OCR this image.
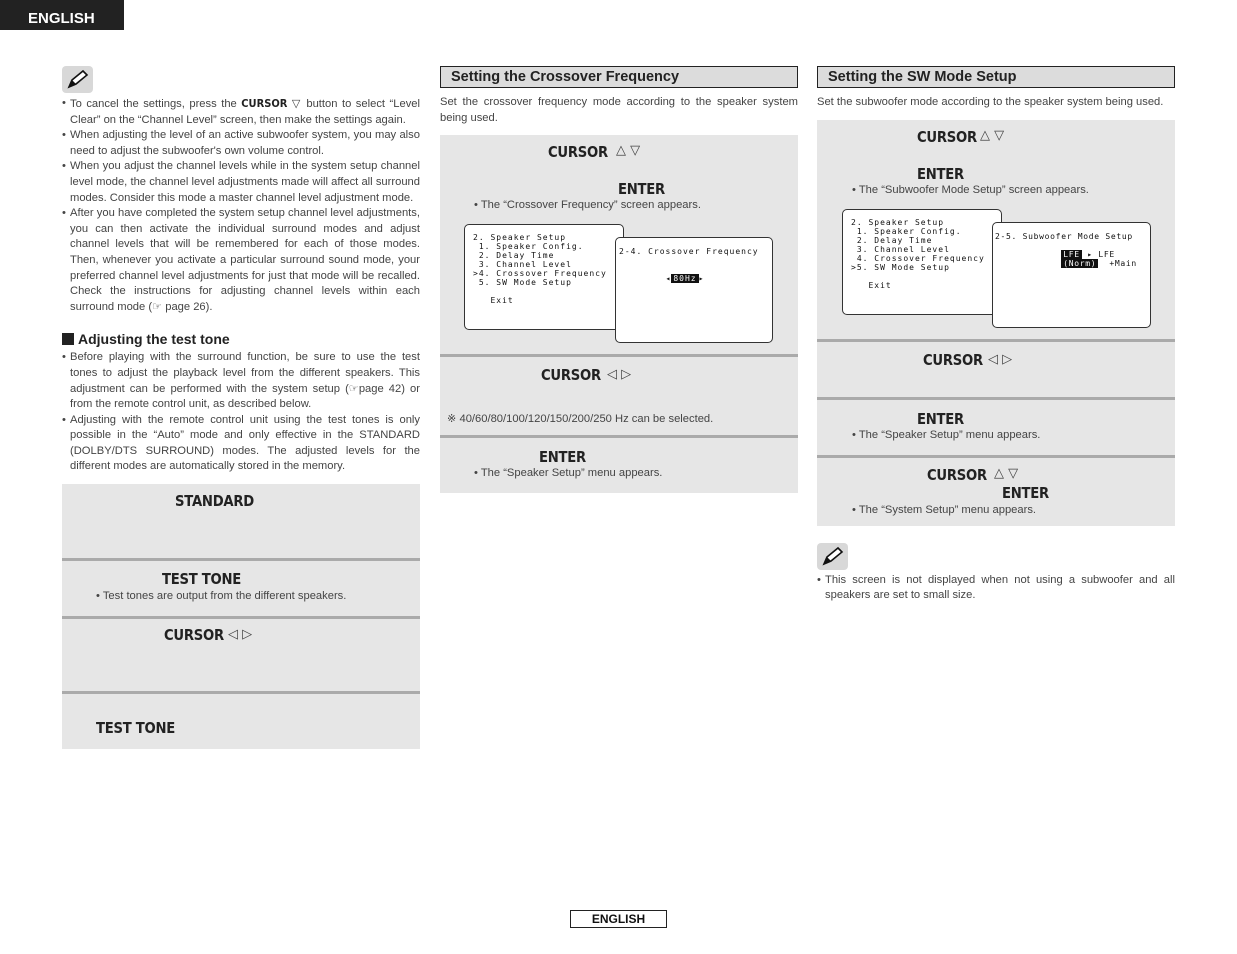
ENGLISH
• To cancel the settings, press the CURSOR ▽ button to select “Level Clear” on the “Channel Level” screen, then make the settings again.
• When adjusting the level of an active subwoofer system, you may also need to adjust the subwoofer's own volume control.
• When you adjust the channel levels while in the system setup channel level mode, the channel level adjustments made will affect all surround modes. Consider this mode a master channel level adjustment mode.
• After you have completed the system setup channel level adjustments, you can then activate the individual surround modes and adjust channel levels that will be remembered for each of those modes. Then, whenever you activate a particular surround sound mode, your preferred channel level adjustments for just that mode will be recalled. Check the instructions for adjusting channel levels within each surround mode (☞ page 26).
Adjusting the test tone
• Before playing with the surround function, be sure to use the test tones to adjust the playback level from the different speakers. This adjustment can be performed with the system setup (☞page 42) or from the remote control unit, as described below.
• Adjusting with the remote control unit using the test tones is only possible in the “Auto” mode and only effective in the STANDARD (DOLBY/DTS SURROUND) modes. The adjusted levels for the different modes are automatically stored in the memory.
STANDARD
TEST TONE
• Test tones are output from the different speakers.
CURSOR ◁ ▷
TEST TONE
Setting the Crossover Frequency
Set the crossover frequency mode according to the speaker system being used.
CURSOR △ ▽
ENTER
• The “Crossover Frequency” screen appears.
2. Speaker Setup
1. Speaker Config.
2. Delay Time
3. Channel Level
>4. Crossover Frequency
5. SW Mode Setup

Exit
2-4. Crossover Frequency

◂ 80Hz ▸
CURSOR ◁ ▷
※ 40/60/80/100/120/150/200/250 Hz can be selected.
ENTER
• The “Speaker Setup” menu appears.
Setting the SW Mode Setup
Set the subwoofer mode according to the speaker system being used.
CURSOR △ ▽
ENTER
• The “Subwoofer Mode Setup” screen appears.
2. Speaker Setup
1. Speaker Config.
2. Delay Time
3. Channel Level
4. Crossover Frequency
>5. SW Mode Setup

Exit
2-5. Subwoofer Mode Setup

LFE ▸ LFE
(Norm) +Main
CURSOR ◁ ▷
ENTER
• The “Speaker Setup” menu appears.
CURSOR △ ▽
ENTER
• The “System Setup” menu appears.
• This screen is not displayed when not using a subwoofer and all speakers are set to small size.
ENGLISH
